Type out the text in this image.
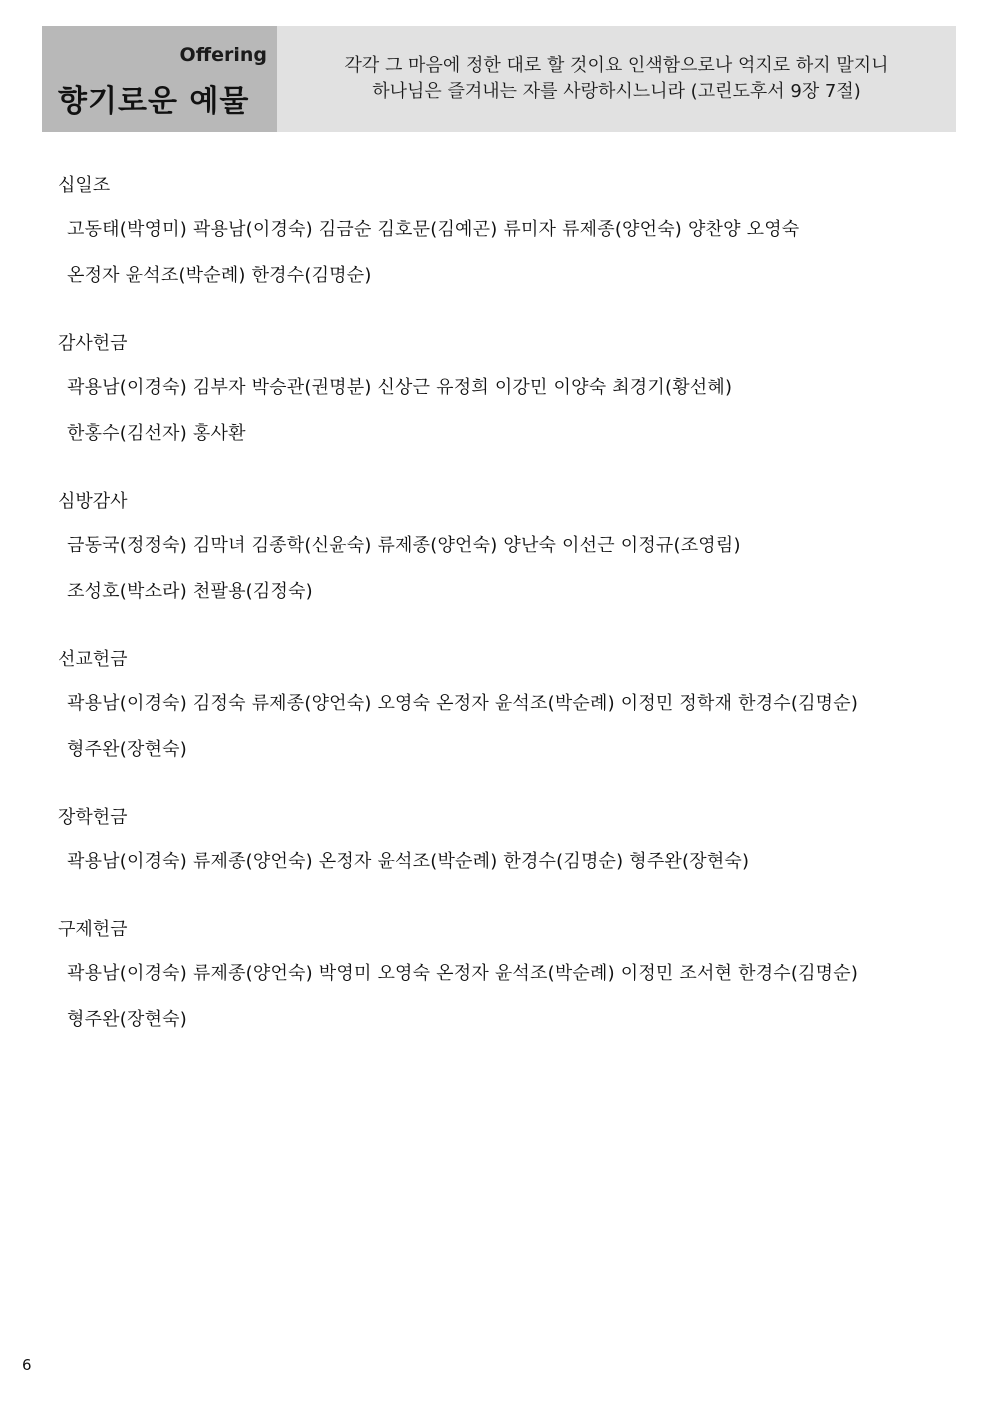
Offering
향기로운 예물
각각 그 마음에 정한 대로 할 것이요 인색함으로나 억지로 하지 말지니
하나님은 즐겨내는 자를 사랑하시느니라 (고린도후서 9장 7절)
십일조
고동태(박영미) 곽용남(이경숙) 김금순 김호문(김예곤) 류미자 류제종(양언숙) 양찬양 오영숙
온정자 윤석조(박순례) 한경수(김명순)
감사헌금
곽용남(이경숙) 김부자 박승관(권명분) 신상근 유정희 이강민 이양숙 최경기(황선혜)
한홍수(김선자) 홍사환
심방감사
금동국(정정숙) 김막녀 김종학(신윤숙) 류제종(양언숙) 양난숙 이선근 이정규(조영림)
조성호(박소라) 천팔용(김정숙)
선교헌금
곽용남(이경숙) 김정숙 류제종(양언숙) 오영숙 온정자 윤석조(박순례) 이정민 정학재 한경수(김명순)
형주완(장현숙)
장학헌금
곽용남(이경숙) 류제종(양언숙) 온정자 윤석조(박순례) 한경수(김명순) 형주완(장현숙)
구제헌금
곽용남(이경숙) 류제종(양언숙) 박영미 오영숙 온정자 윤석조(박순례) 이정민 조서현 한경수(김명순)
형주완(장현숙)
6
